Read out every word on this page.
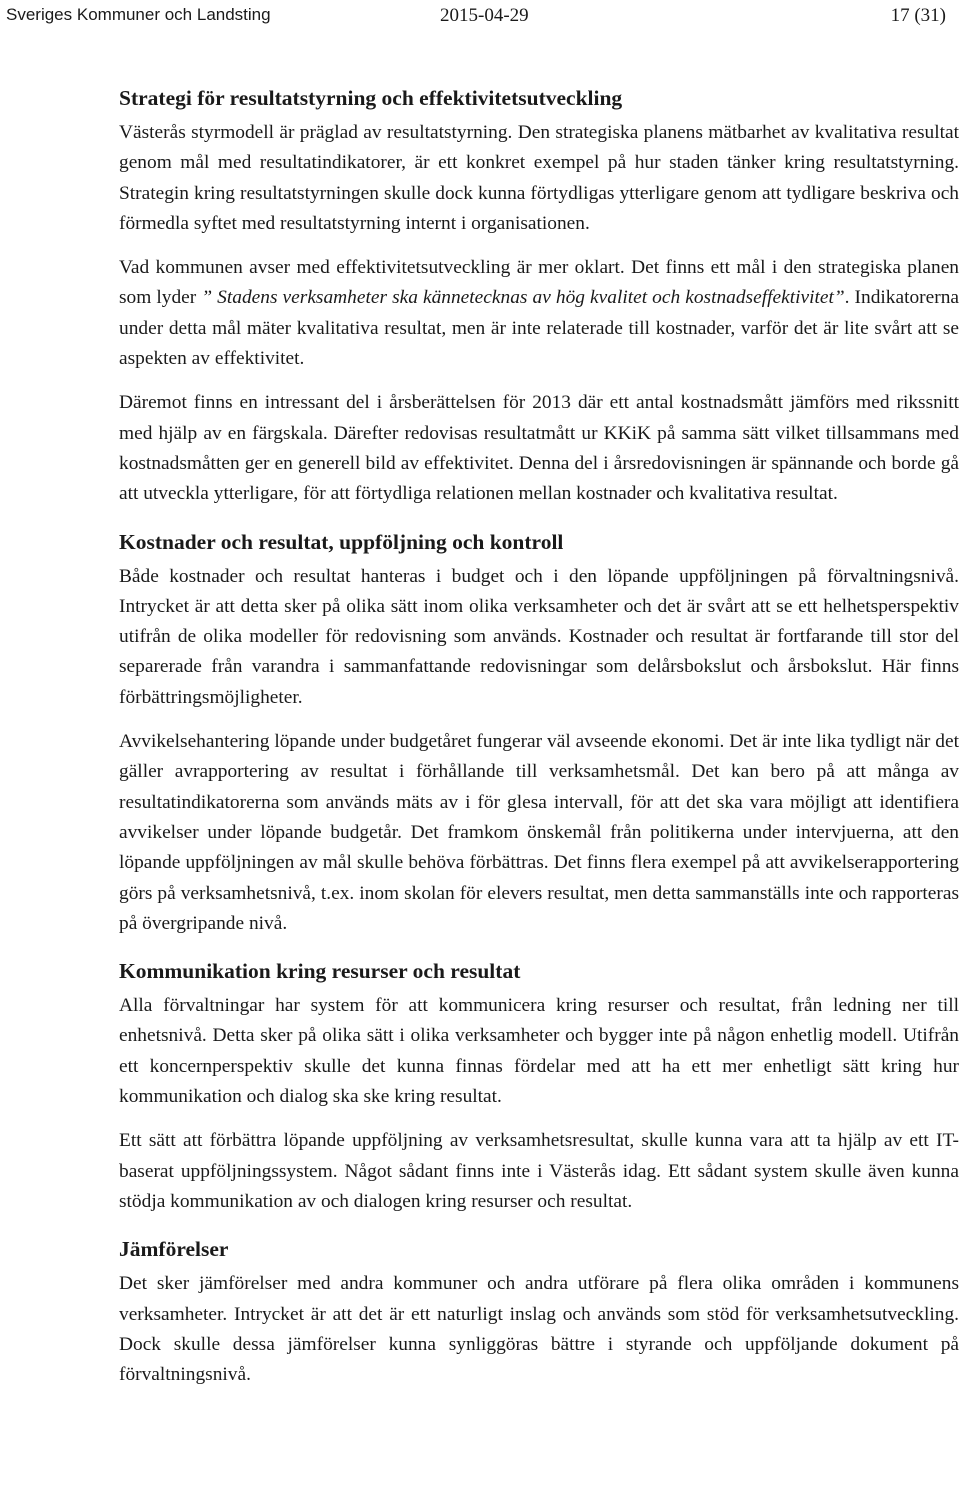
Sveriges Kommuner och Landsting	2015-04-29	17 (31)
Strategi för resultatstyrning och effektivitetsutveckling

Västerås styrmodell är präglad av resultatstyrning. Den strategiska planens mätbarhet av kvalitativa resultat genom mål med resultatindikatorer, är ett konkret exempel på hur staden tänker kring resultatstyrning. Strategin kring resultatstyrningen skulle dock kunna förtydligas ytterligare genom att tydligare beskriva och förmedla syftet med resultatstyrning internt i organisationen.

Vad kommunen avser med effektivitetsutveckling är mer oklart. Det finns ett mål i den strategiska planen som lyder ” Stadens verksamheter ska kännetecknas av hög kvalitet och kostnadseffektivitet”. Indikatorerna under detta mål mäter kvalitativa resultat, men är inte relaterade till kostnader, varför det är lite svårt att se aspekten av effektivitet.

Däremot finns en intressant del i årsberättelsen för 2013 där ett antal kostnadsmått jämförs med rikssnitt med hjälp av en färgskala. Därefter redovisas resultatmått ur KKiK på samma sätt vilket tillsammans med kostnadsmåtten ger en generell bild av effektivitet. Denna del i årsredovisningen är spännande och borde gå att utveckla ytterligare, för att förtydliga relationen mellan kostnader och kvalitativa resultat.

Kostnader och resultat, uppföljning och kontroll

Både kostnader och resultat hanteras i budget och i den löpande uppföljningen på förvaltningsnivå. Intrycket är att detta sker på olika sätt inom olika verksamheter och det är svårt att se ett helhetsperspektiv utifrån de olika modeller för redovisning som används. Kostnader och resultat är fortfarande till stor del separerade från varandra i sammanfattande redovisningar som delårsbokslut och årsbokslut. Här finns förbättringsmöjligheter.

Avvikelsehantering löpande under budgetåret fungerar väl avseende ekonomi. Det är inte lika tydligt när det gäller avrapportering av resultat i förhållande till verksamhetsmål. Det kan bero på att många av resultatindikatorerna som används mäts av i för glesa intervall, för att det ska vara möjligt att identifiera avvikelser under löpande budgetår. Det framkom önskemål från politikerna under intervjuerna, att den löpande uppföljningen av mål skulle behöva förbättras. Det finns flera exempel på att avvikelserapportering görs på verksamhetsnivå, t.ex. inom skolan för elevers resultat, men detta sammanställs inte och rapporteras på övergripande nivå.

Kommunikation kring resurser och resultat

Alla förvaltningar har system för att kommunicera kring resurser och resultat, från ledning ner till enhetsnivå. Detta sker på olika sätt i olika verksamheter och bygger inte på någon enhetlig modell. Utifrån ett koncernperspektiv skulle det kunna finnas fördelar med att ha ett mer enhetligt sätt kring hur kommunikation och dialog ska ske kring resultat.

Ett sätt att förbättra löpande uppföljning av verksamhetsresultat, skulle kunna vara att ta hjälp av ett IT-baserat uppföljningssystem. Något sådant finns inte i Västerås idag. Ett sådant system skulle även kunna stödja kommunikation av och dialogen kring resurser och resultat.

Jämförelser

Det sker jämförelser med andra kommuner och andra utförare på flera olika områden i kommunens verksamheter. Intrycket är att det är ett naturligt inslag och används som stöd för verksamhetsutveckling. Dock skulle dessa jämförelser kunna synliggöras bättre i styrande och uppföljande dokument på förvaltningsnivå.
